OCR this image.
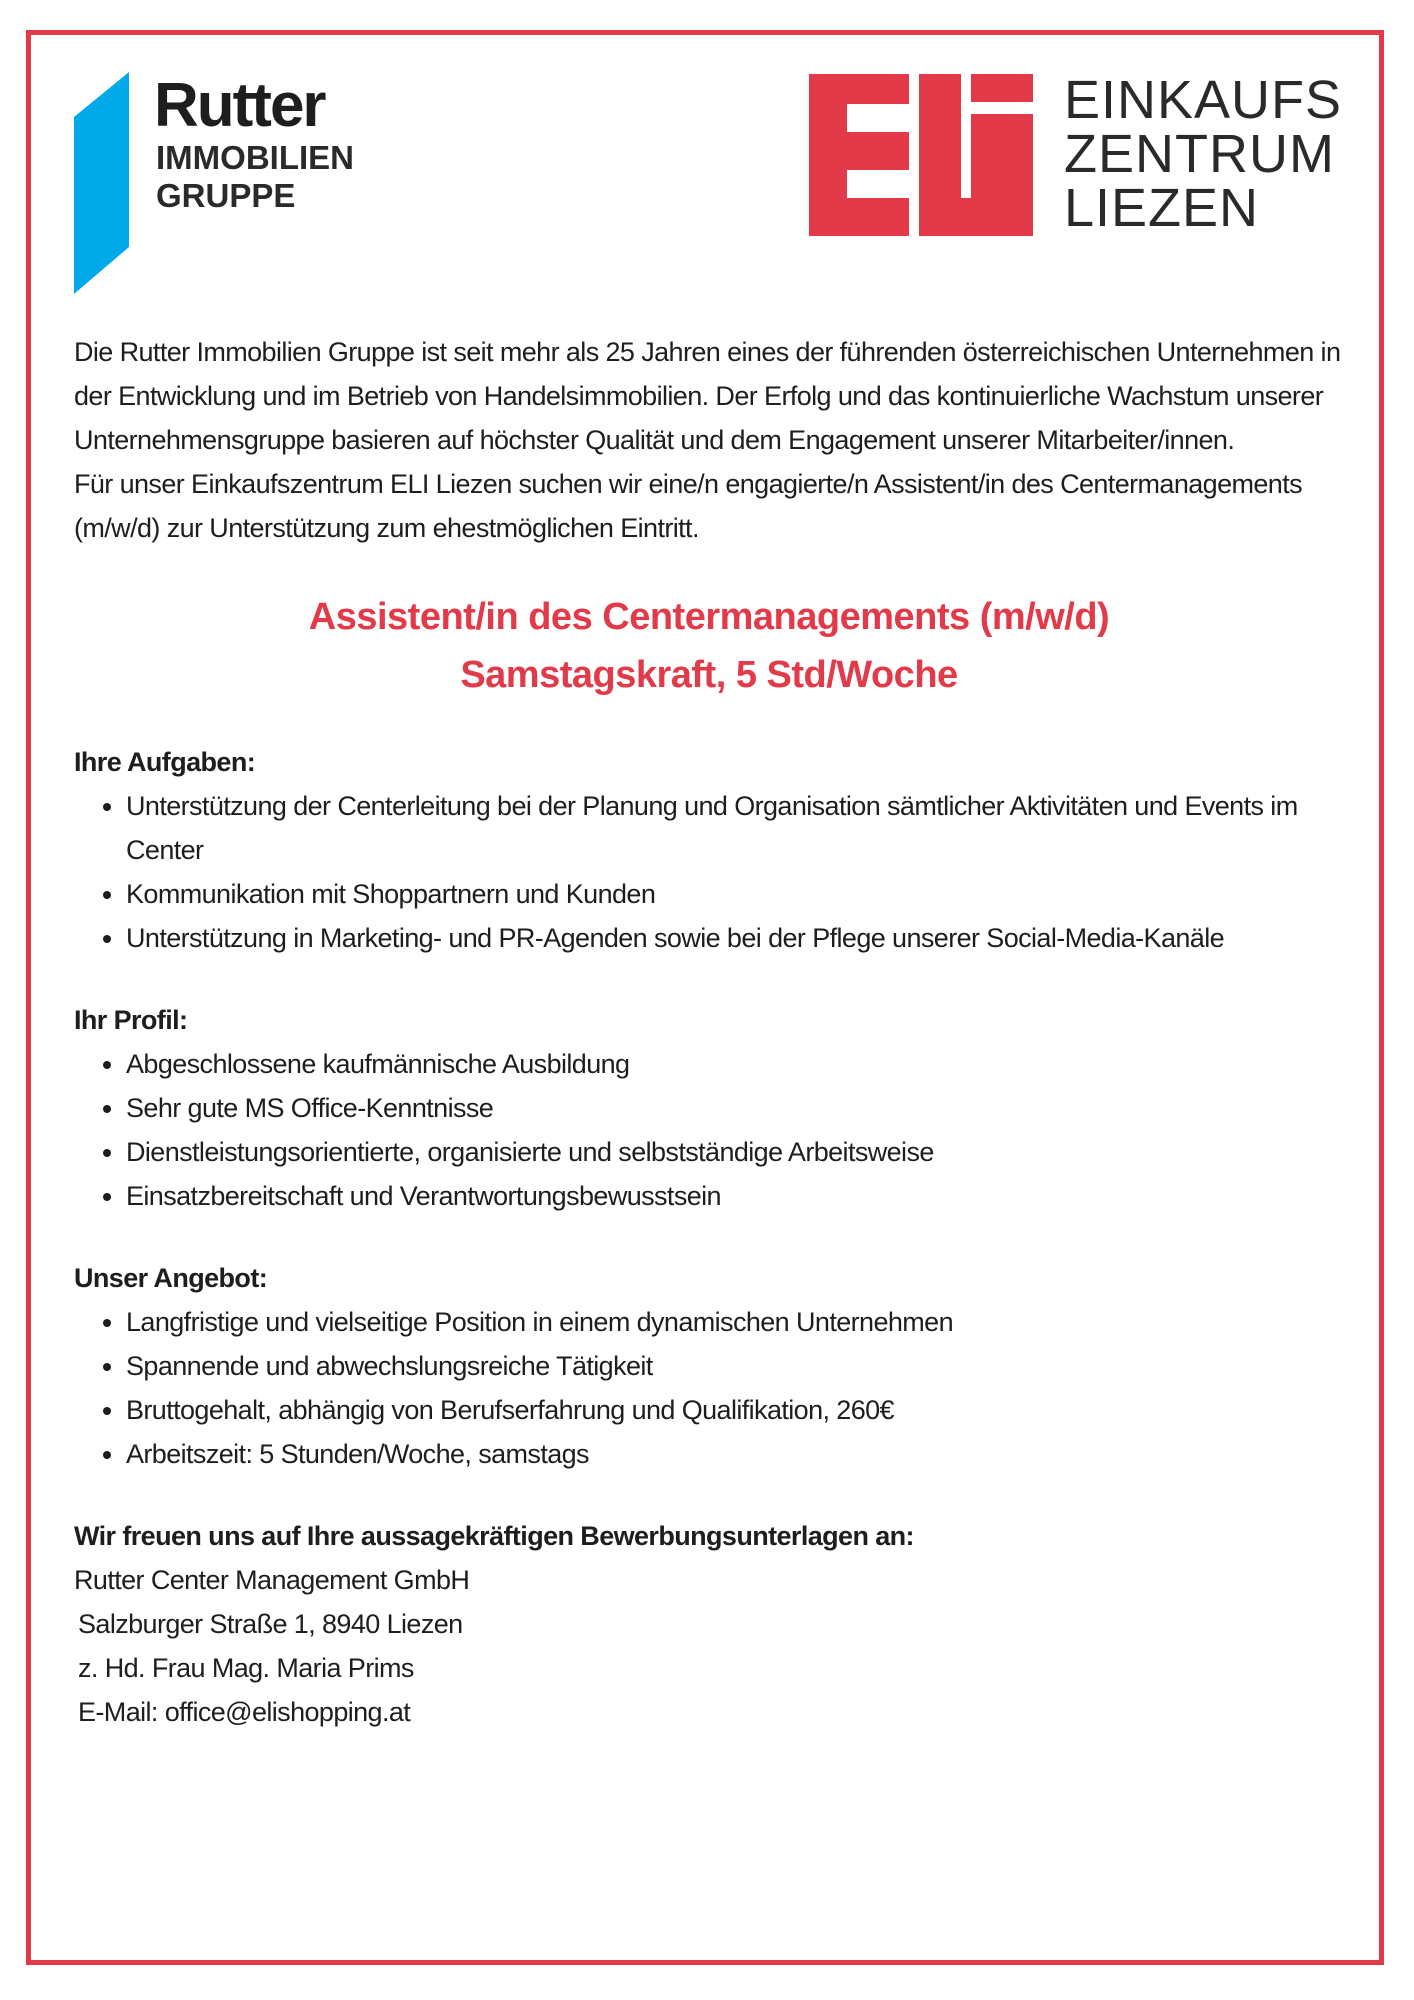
Rutter
IMMOBILIEN
GRUPPE
EINKAUFS
ZENTRUM
LIEZEN

Die Rutter Immobilien Gruppe ist seit mehr als 25 Jahren eines der führenden österreichischen Unternehmen in der Entwicklung und im Betrieb von Handelsimmobilien. Der Erfolg und das kontinuierliche Wachstum unserer Unternehmensgruppe basieren auf höchster Qualität und dem Engagement unserer Mitarbeiter/innen.

Für unser Einkaufszentrum ELI Liezen suchen wir eine/n engagierte/n Assistent/in des Centermanagements (m/w/d) zur Unterstützung zum ehestmöglichen Eintritt.

Assistent/in des Centermanagements (m/w/d)
Samstagskraft, 5 Std/Woche
Ihre Aufgaben:
• Unterstützung der Centerleitung bei der Planung und Organisation sämtlicher Aktivitäten und Events im Center
• Kommunikation mit Shoppartnern und Kunden
• Unterstützung in Marketing- und PR-Agenden sowie bei der Pflege unserer Social-Media-Kanäle
Ihr Profil:
• Abgeschlossene kaufmännische Ausbildung
• Sehr gute MS Office-Kenntnisse
• Dienstleistungsorientierte, organisierte und selbstständige Arbeitsweise
• Einsatzbereitschaft und Verantwortungsbewusstsein
Unser Angebot:
• Langfristige und vielseitige Position in einem dynamischen Unternehmen
• Spannende und abwechslungsreiche Tätigkeit
• Bruttogehalt, abhängig von Berufserfahrung und Qualifikation, 260€
• Arbeitszeit: 5 Stunden/Woche, samstags
Wir freuen uns auf Ihre aussagekräftigen Bewerbungsunterlagen an:

Rutter Center Management GmbH

Salzburger Straße 1, 8940 Liezen

z. Hd. Frau Mag. Maria Prims

E-Mail: office@elishopping.at
